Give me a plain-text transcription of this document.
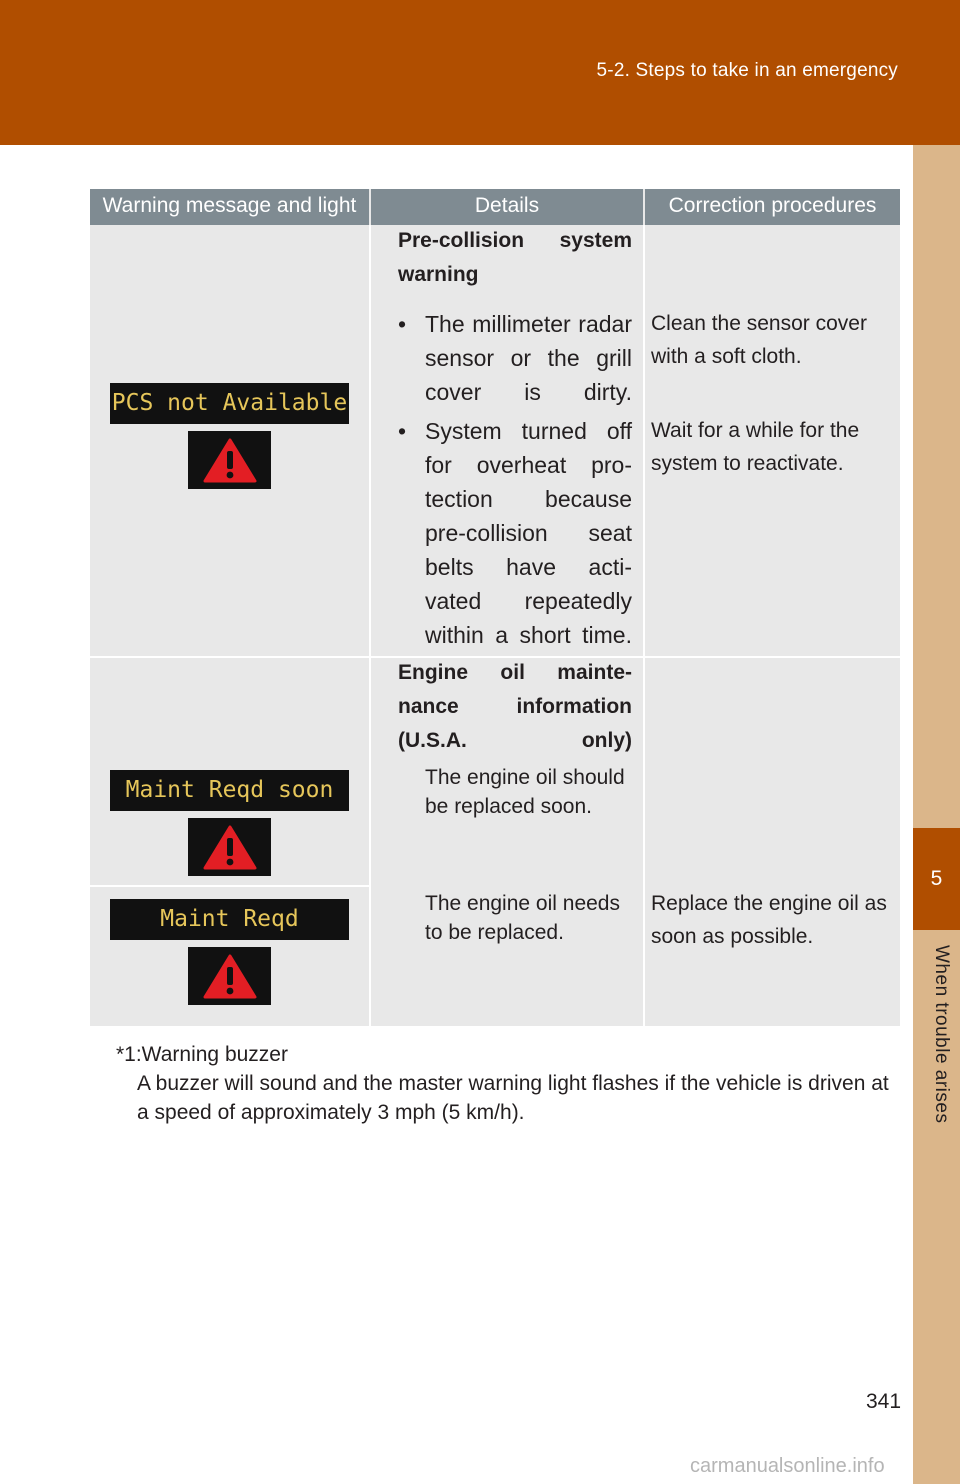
5-2. Steps to take in an emergency
5
When trouble arises
Warning message and light	Details	Correction procedures
PCS not Available
Pre-collision system warning
• The millimeter radar sensor or the grill cover is dirty.
• System turned off for overheat pro-tection because pre-collision seat belts have acti-vated repeatedly within a short time.
Clean the sensor cover with a soft cloth.
Wait for a while for the system to reactivate.
Maint Reqd soon
Engine oil mainte-nance information (U.S.A. only)
The engine oil should be replaced soon.
Maint Reqd
The engine oil needs to be replaced.
Replace the engine oil as soon as possible.
*1:Warning buzzer
A buzzer will sound and the master warning light flashes if the vehicle is driven at a speed of approximately 3 mph (5 km/h).
341
carmanualsonline.info
